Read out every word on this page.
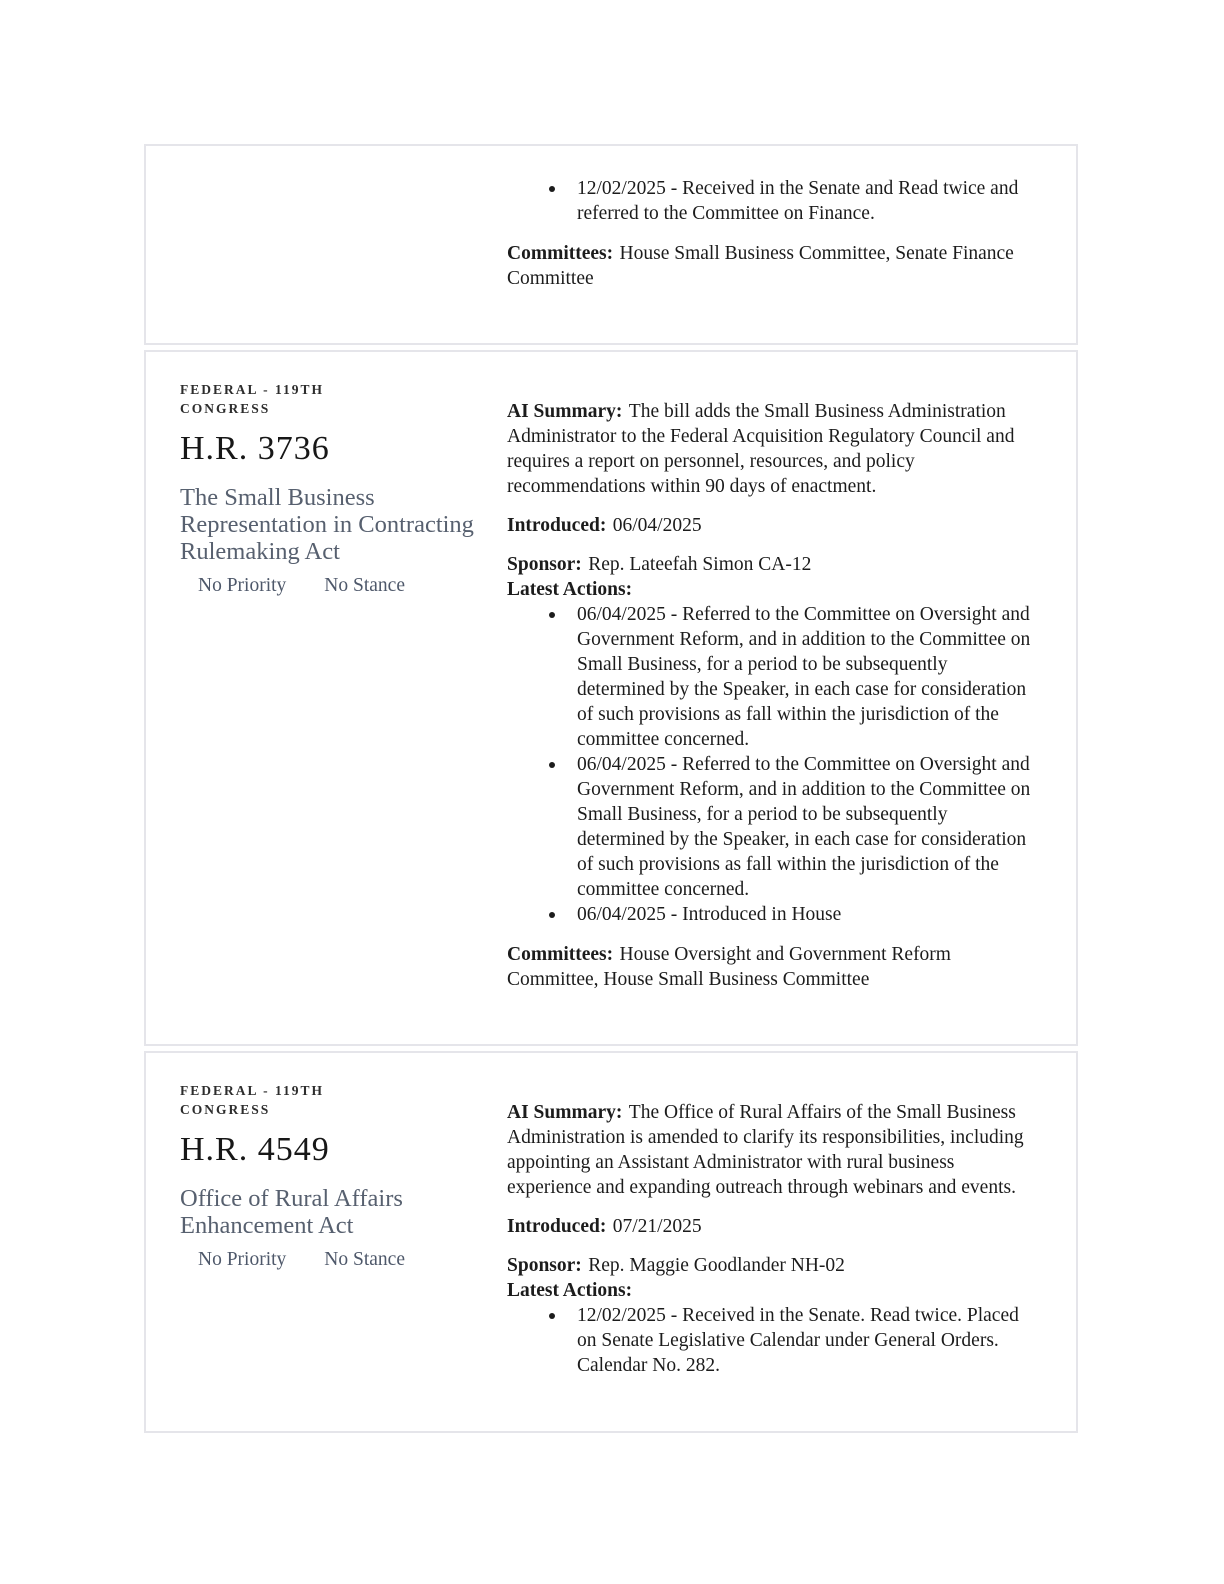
12/02/2025 - Received in the Senate and Read twice and referred to the Committee on Finance.

Committees: House Small Business Committee, Senate Finance Committee

FEDERAL - 119TH CONGRESS
H.R. 3736
The Small Business Representation in Contracting Rulemaking Act
No Priority No Stance

AI Summary: The bill adds the Small Business Administration Administrator to the Federal Acquisition Regulatory Council and requires a report on personnel, resources, and policy recommendations within 90 days of enactment.

Introduced: 06/04/2025

Sponsor: Rep. Lateefah Simon CA-12
Latest Actions:
06/04/2025 - Referred to the Committee on Oversight and Government Reform, and in addition to the Committee on Small Business, for a period to be subsequently determined by the Speaker, in each case for consideration of such provisions as fall within the jurisdiction of the committee concerned.
06/04/2025 - Referred to the Committee on Oversight and Government Reform, and in addition to the Committee on Small Business, for a period to be subsequently determined by the Speaker, in each case for consideration of such provisions as fall within the jurisdiction of the committee concerned.
06/04/2025 - Introduced in House

Committees: House Oversight and Government Reform Committee, House Small Business Committee

FEDERAL - 119TH CONGRESS
H.R. 4549
Office of Rural Affairs Enhancement Act
No Priority No Stance

AI Summary: The Office of Rural Affairs of the Small Business Administration is amended to clarify its responsibilities, including appointing an Assistant Administrator with rural business experience and expanding outreach through webinars and events.

Introduced: 07/21/2025

Sponsor: Rep. Maggie Goodlander NH-02
Latest Actions:
12/02/2025 - Received in the Senate. Read twice. Placed on Senate Legislative Calendar under General Orders. Calendar No. 282.
